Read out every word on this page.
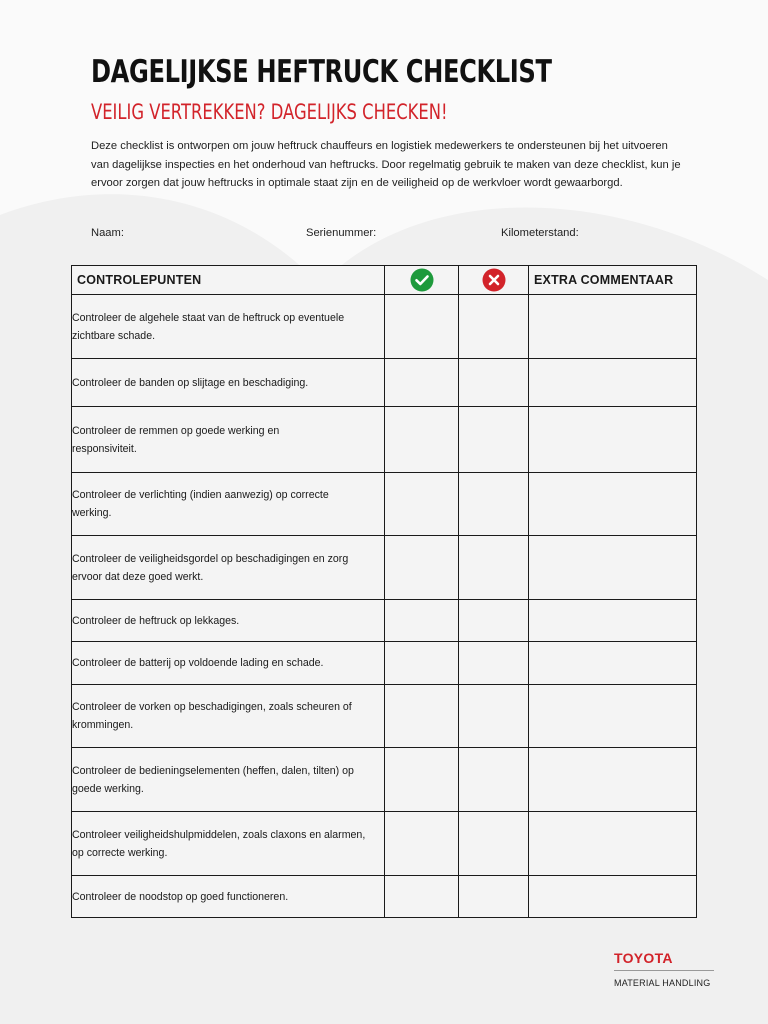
DAGELIJKSE HEFTRUCK CHECKLIST
VEILIG VERTREKKEN? DAGELIJKS CHECKEN!
Deze checklist is ontworpen om jouw heftruck chauffeurs en logistiek medewerkers te ondersteunen bij het uitvoeren
van dagelijkse inspecties en het onderhoud van heftrucks. Door regelmatig gebruik te maken van deze checklist, kun je
ervoor zorgen dat jouw heftrucks in optimale staat zijn en de veiligheid op de werkvloer wordt gewaarborgd.
Naam:	Serienummer:	Kilometerstand:
CONTROLEPUNTEN			EXTRA COMMENTAAR

Controleer de algehele staat van de heftruck op eventuele
zichtbare schade.			

Controleer de banden op slijtage en beschadiging.			

Controleer de remmen op goede werking en
responsiviteit.			

Controleer de verlichting (indien aanwezig) op correcte
werking.			

Controleer de veiligheidsgordel op beschadigingen en zorg
ervoor dat deze goed werkt.			

Controleer de heftruck op lekkages.			

Controleer de batterij op voldoende lading en schade.			

Controleer de vorken op beschadigingen, zoals scheuren of
krommingen.			

Controleer de bedieningselementen (heffen, dalen, tilten) op
goede werking.			

Controleer veiligheidshulpmiddelen, zoals claxons en alarmen,
op correcte werking.			

Controleer de noodstop op goed functioneren.			

TOYOTA
MATERIAL HANDLING
